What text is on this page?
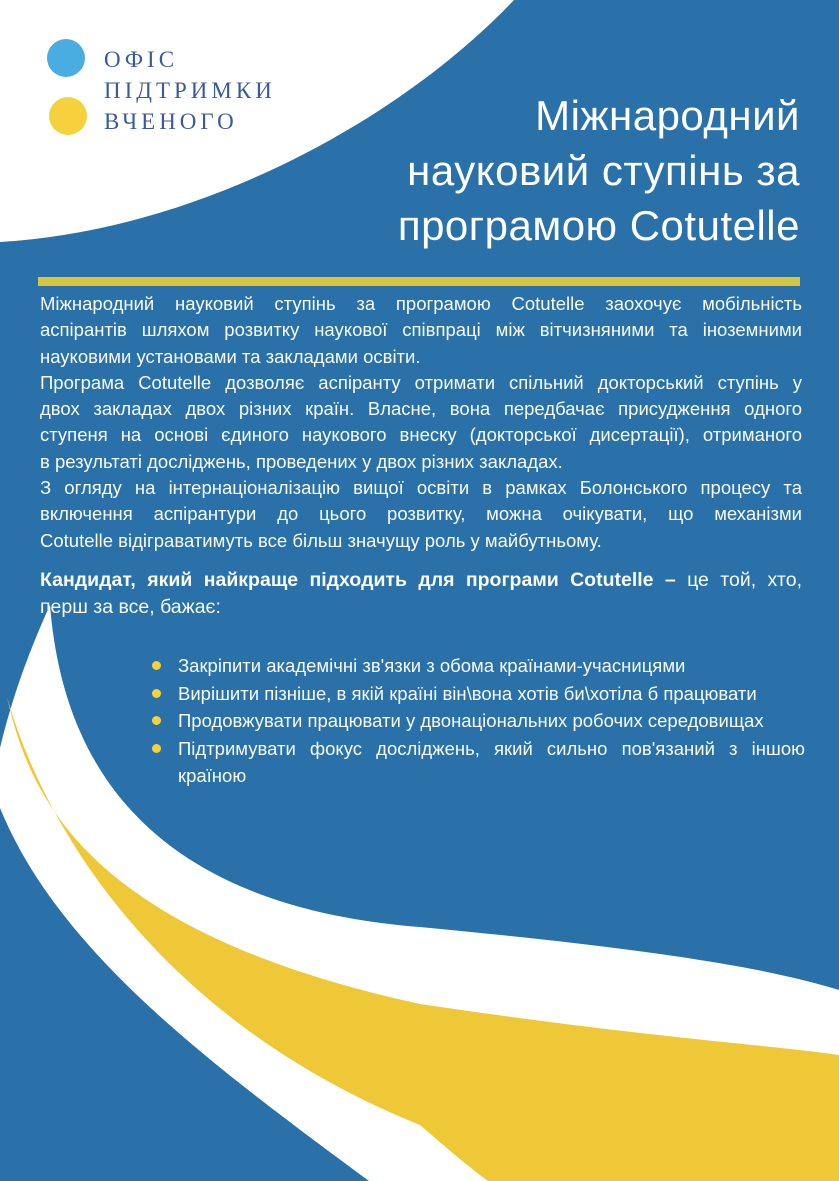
ОФІС
ПІДТРИМКИ
ВЧЕНОГО	Міжнародний
науковий ступінь за
програмою Cotutelle
Міжнародний науковий ступінь за програмою Cotutelle заохочує мобільність
аспірантів шляхом розвитку наукової співпраці між вітчизняними та іноземними
науковими установами та закладами освіти.
Програма Cotutelle дозволяє аспіранту отримати спільний докторський ступінь у
двох закладах двох різних країн. Власне, вона передбачає присудження одного
ступеня на основі єдиного наукового внеску (докторської дисертації), отриманого
в результаті досліджень, проведених у двох різних закладах.
З огляду на інтернаціоналізацію вищої освіти в рамках Болонського процесу та
включення аспірантури до цього розвитку, можна очікувати, що механізми
Cotutelle відіграватимуть все більш значущу роль у майбутньому.
Кандидат, який найкраще підходить для програми Cotutelle – це той, хто,
перш за все, бажає:
Закріпити академічні зв'язки з обома країнами-учасницями
Вирішити пізніше, в якій країні він\вона хотів би\хотіла б працювати
Продовжувати працювати у двонаціональних робочих середовищах
Підтримувати фокус досліджень, який сильно пов'язаний з іншою
країною
